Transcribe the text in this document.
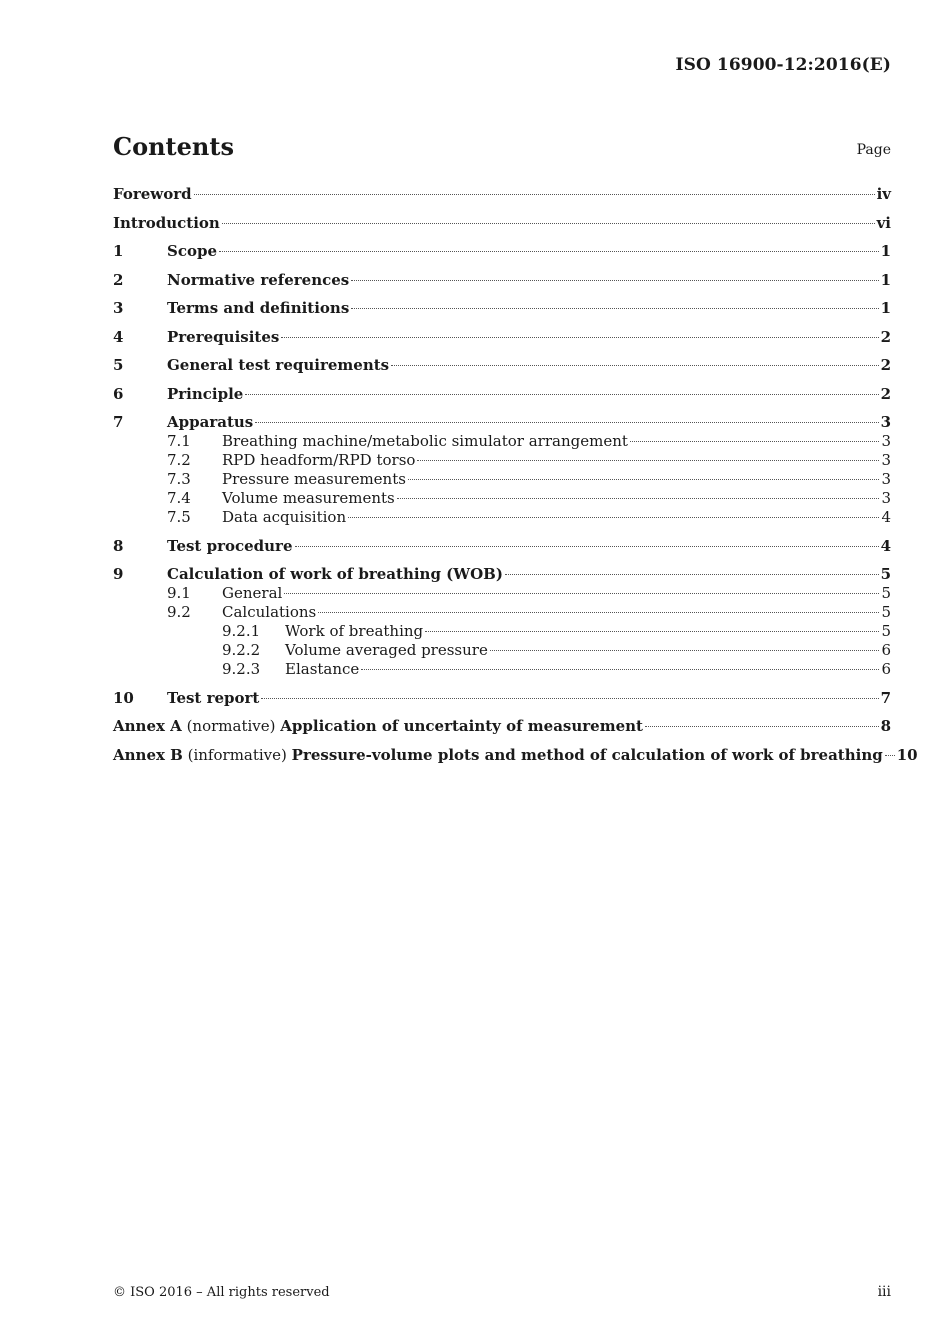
ISO 16900-12:2016(E)
Contents	Page
Foreword	iv
Introduction	vi
1	Scope	1
2	Normative references	1
3	Terms and definitions	1
4	Prerequisites	2
5	General test requirements	2
6	Principle	2
7	Apparatus	3
7.1	Breathing machine/metabolic simulator arrangement	3
7.2	RPD headform/RPD torso	3
7.3	Pressure measurements	3
7.4	Volume measurements	3
7.5	Data acquisition	4
8	Test procedure	4
9	Calculation of work of breathing (WOB)	5
9.1	General	5
9.2	Calculations	5
9.2.1	Work of breathing	5
9.2.2	Volume averaged pressure	6
9.2.3	Elastance	6
10	Test report	7
Annex A (normative) Application of uncertainty of measurement	8
Annex B (informative) Pressure-volume plots and method of calculation of work of breathing 10
© ISO 2016 – All rights reserved	iii
